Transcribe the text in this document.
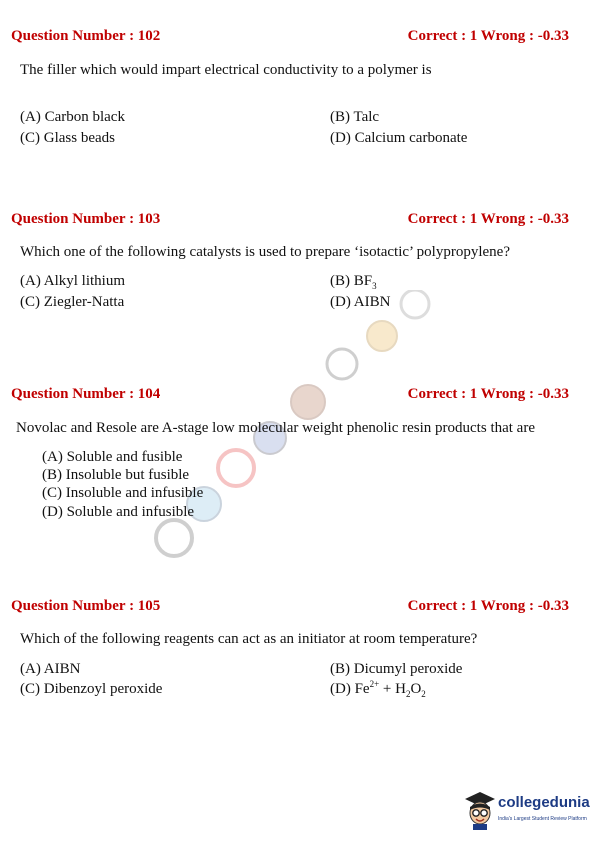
Question Number : 102	Correct : 1 Wrong : -0.33
The filler which would impart electrical conductivity to a polymer is
(A) Carbon black	(B) Talc
(C) Glass beads	(D) Calcium carbonate
Question Number : 103	Correct : 1 Wrong : -0.33
Which one of the following catalysts is used to prepare ‘isotactic’ polypropylene?
(A) Alkyl lithium	(B) $BF_3$
(C) Ziegler-Natta	(D) AIBN
Question Number : 104	Correct : 1 Wrong : -0.33
Novolac and Resole are A-stage low molecular weight phenolic resin products that are
(A) Soluble and fusible
(B) Insoluble but fusible
(C) Insoluble and infusible
(D) Soluble and infusible
Question Number : 105	Correct : 1 Wrong : -0.33
Which of the following reagents can act as an initiator at room temperature?
(A) AIBN	(B) Dicumyl peroxide
(C) Dibenzoyl peroxide	(D) $Fe^{2+} + H_2O_2$
collegedunia
India's Largest Student Review Platform
